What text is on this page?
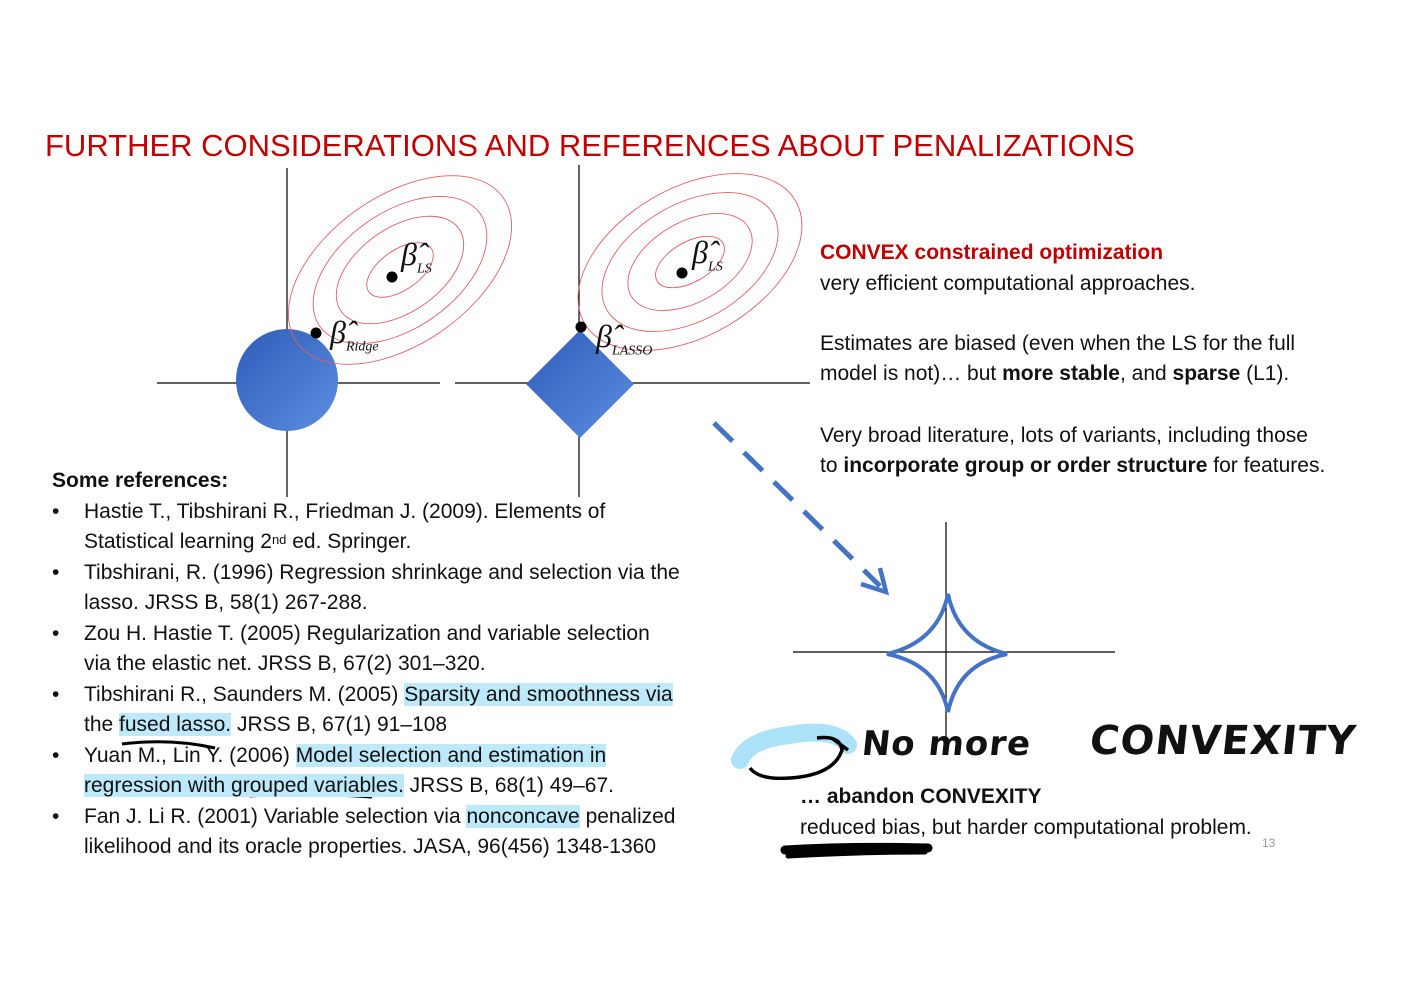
FURTHER CONSIDERATIONS AND REFERENCES ABOUT PENALIZATIONS
$\betâ_{LS}$
$\betâ_{Ridge}$
$\betâ_{LS}$
$\betâ_{LASSO}$
CONVEX constrained optimization
very efficient computational approaches.
Estimates are biased (even when the LS for the full
model is not)… but more stable, and sparse (L1).
Very broad literature, lots of variants, including those
to incorporate group or order structure for features.
No more CONVEXITY
… abandon CONVEXITY
reduced bias, but harder computational problem.
Some references:
• Hastie T., Tibshirani R., Friedman J. (2009). Elements of
Statistical learning 2nd ed. Springer.
• Tibshirani, R. (1996) Regression shrinkage and selection via the
lasso. JRSS B, 58(1) 267-288.
• Zou H. Hastie T. (2005) Regularization and variable selection
via the elastic net. JRSS B, 67(2) 301–320.
• Tibshirani R., Saunders M. (2005) Sparsity and smoothness via
the fused lasso. JRSS B, 67(1) 91–108
• Yuan M., Lin Y. (2006) Model selection and estimation in
regression with grouped variables. JRSS B, 68(1) 49–67.
• Fan J. Li R. (2001) Variable selection via nonconcave penalized
likelihood and its oracle properties. JASA, 96(456) 1348-1360	13
